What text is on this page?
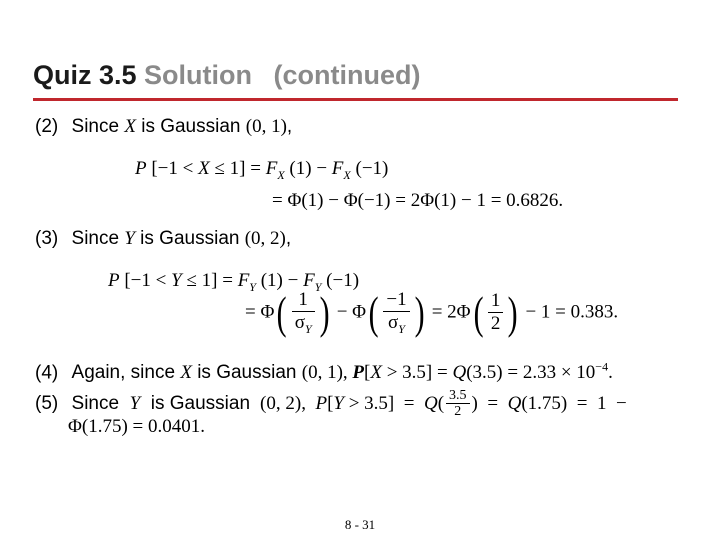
Quiz 3.5 Solution (continued)
(2) Since X is Gaussian (0, 1),
P $[-1 < X \le 1] = F_X$ $(1) - F_X$ (−1)
= Φ(1) − Φ(−1) = 2Φ(1) − 1 = 0.6826.
(3) Since Y is Gaussian (0, 2),
P $[-1 < Y \le 1] = F_Y$ $(1) - F_Y$ (−1)
= $\Phi( \frac{1}{\sigma_Y}$ ) − $\Phi( \frac{-1}{\sigma_Y}$ ) = $2\Phi( \frac{1}{2}$ ) − 1 = 0.383.
(4) Again, since X is Gaussian (0, 1), $P[X > 3.5] = Q(3.5) = 2.33 \times 10^{-4}$.
(5) Since  Y  is Gaussian  (0, 2),  $P[Y > 3.5] = Q( \frac{3.5}{2}$ )  =  Q(1.75)  =  1  −
Φ(1.75) = 0.0401.
8 - 31
